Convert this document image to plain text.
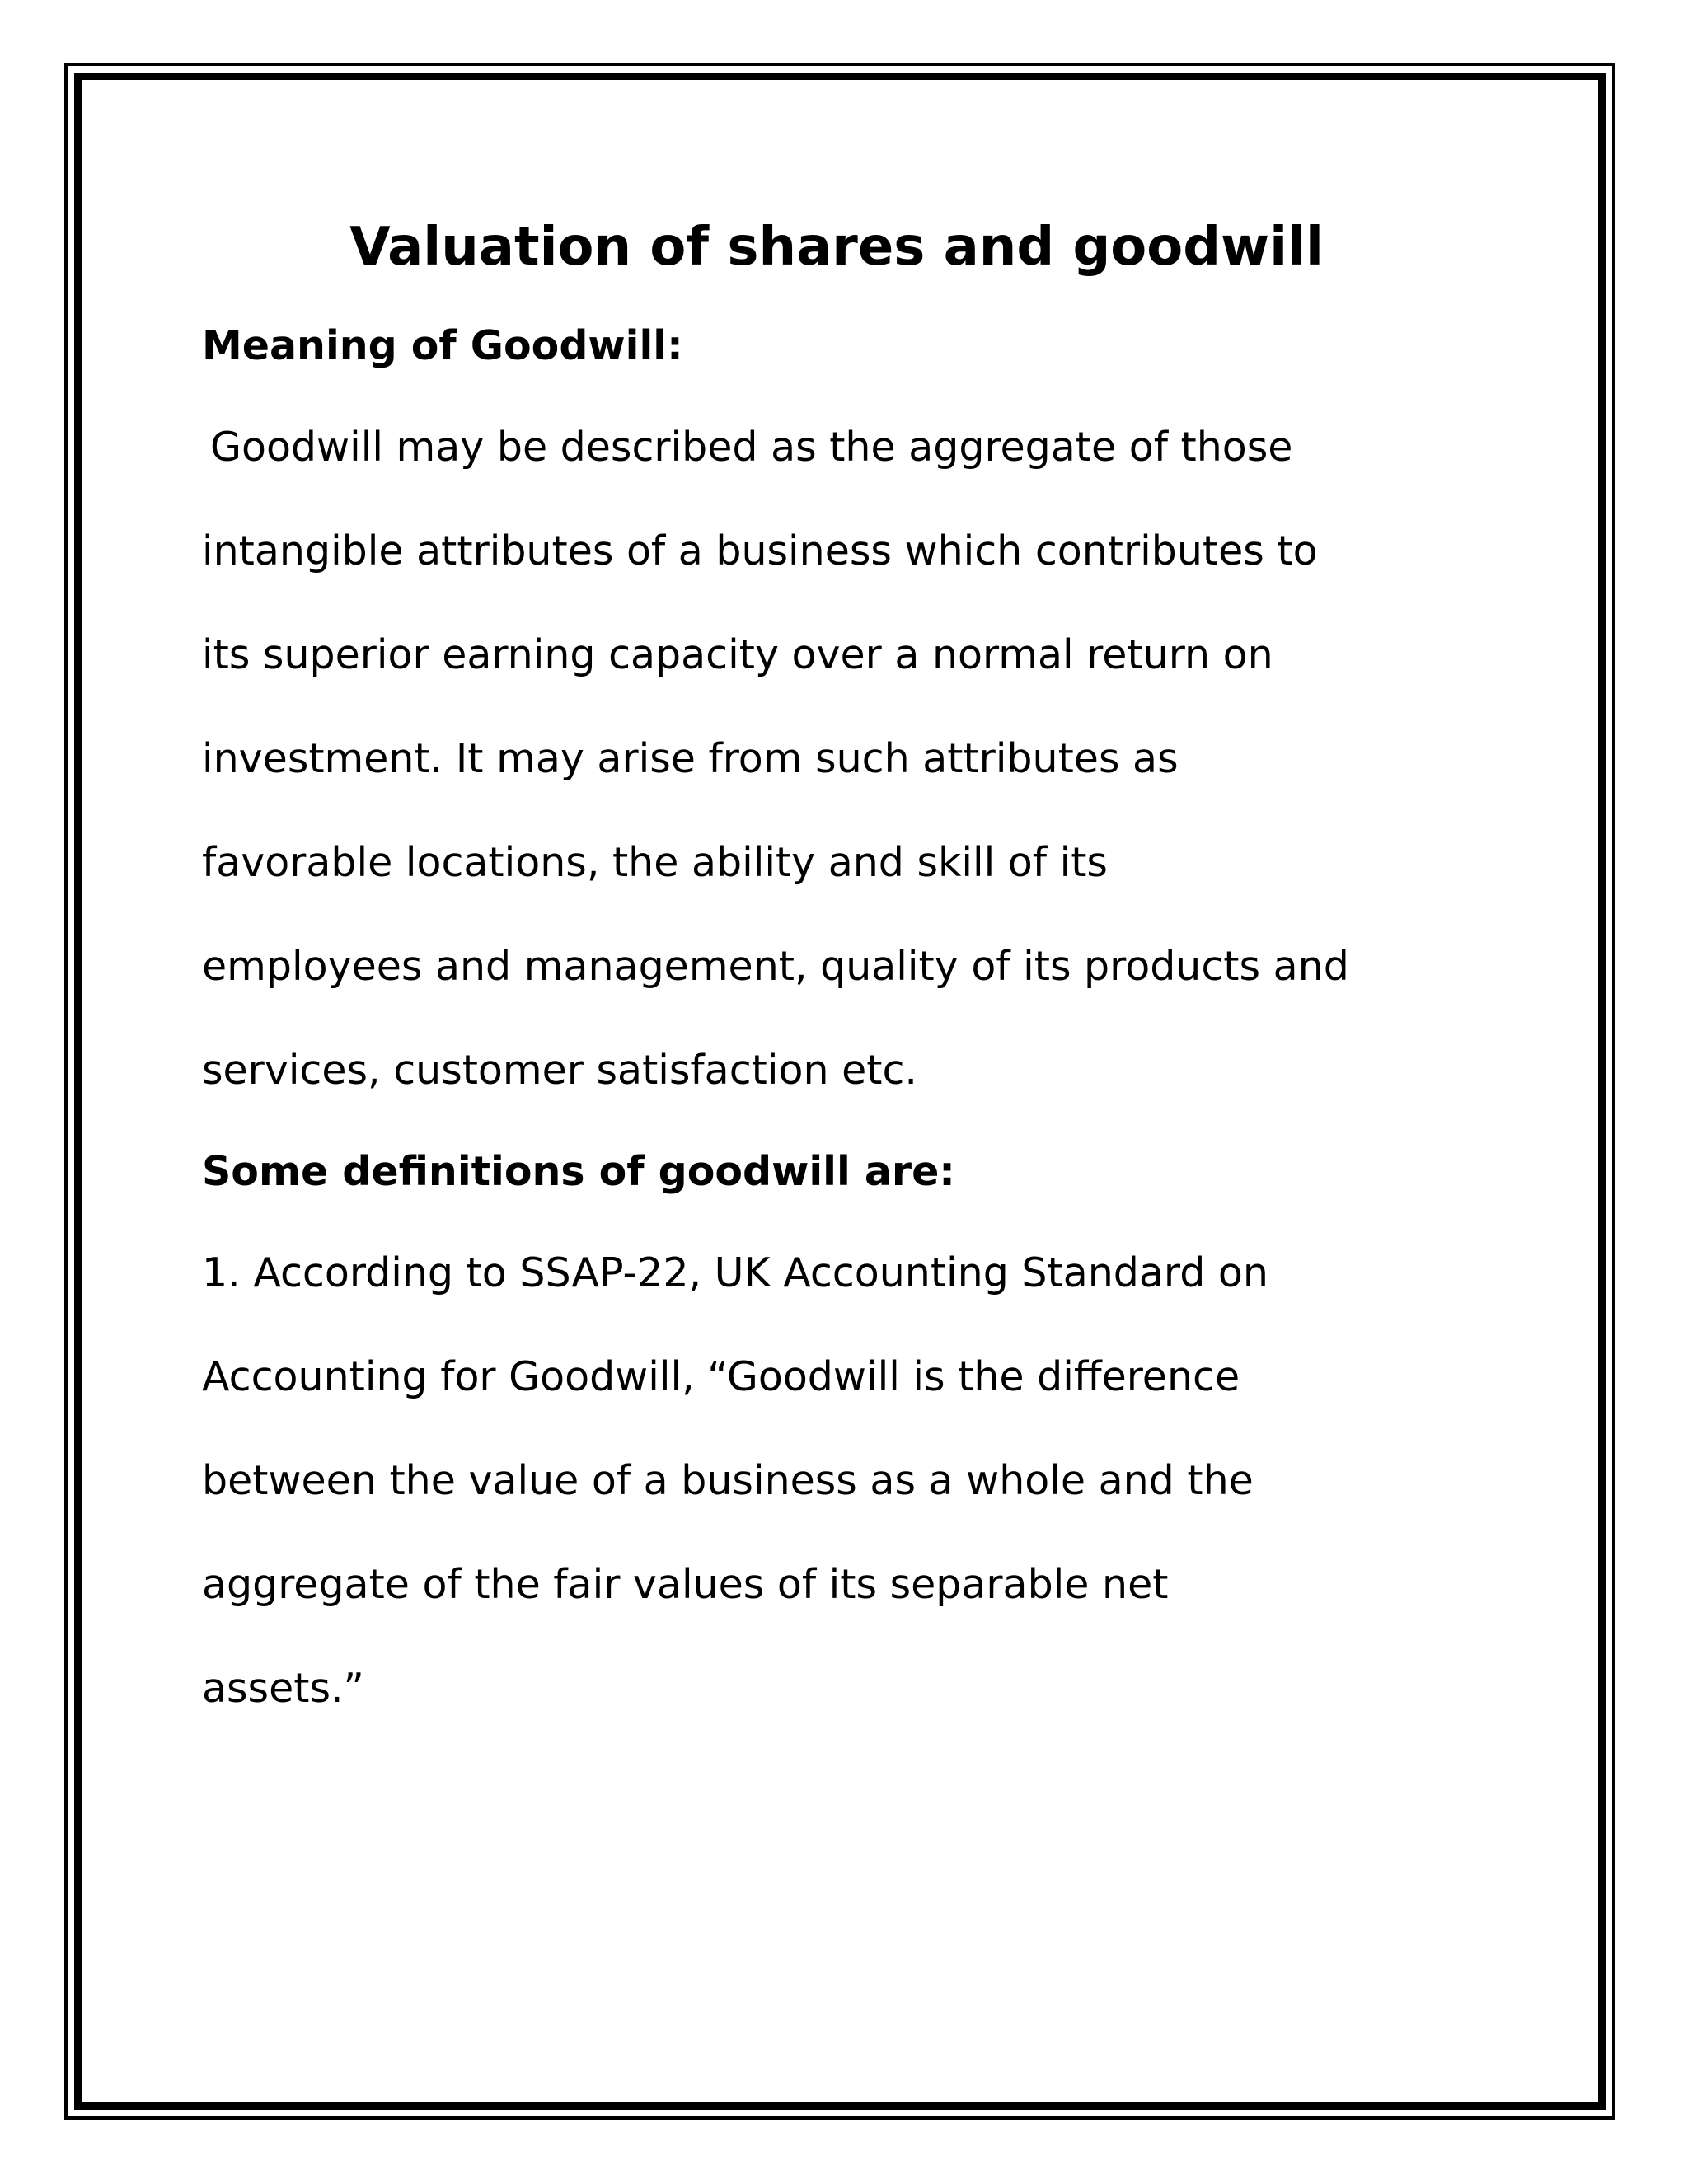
Valuation of shares and goodwill

Meaning of Goodwill:

Goodwill may be described as the aggregate of those

intangible attributes of a business which contributes to

its superior earning capacity over a normal return on

investment. It may arise from such attributes as

favorable locations, the ability and skill of its

employees and management, quality of its products and

services, customer satisfaction etc.

Some definitions of goodwill are:

1. According to SSAP-22, UK Accounting Standard on

Accounting for Goodwill, “Goodwill is the difference

between the value of a business as a whole and the

aggregate of the fair values of its separable net

assets.”
